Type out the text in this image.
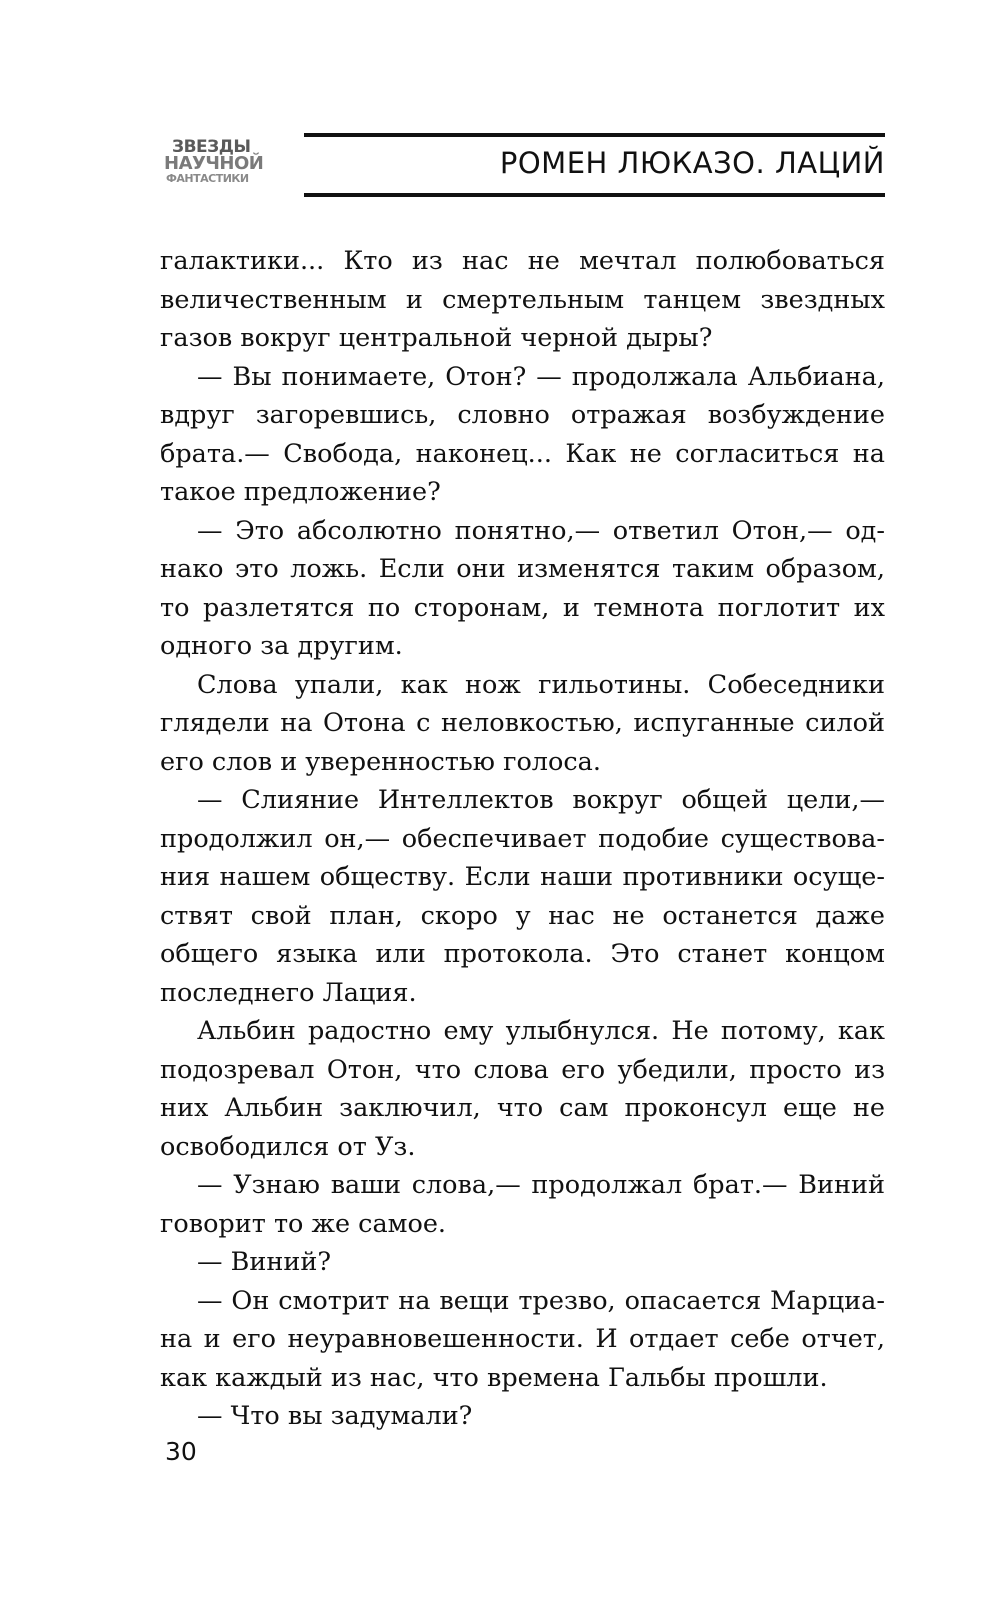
ЗВЕЗДЫ
НАУЧНОЙ
ФАНТАСТИКИ	РОМЕН ЛЮКАЗО. ЛАЦИЙ

галактики... Кто из нас не мечтал полюбоваться величественным и смертельным танцем звездных газов вокруг центральной черной дыры?

— Вы понимаете, Отон? — продолжала Альбиана, вдруг загоревшись, словно отражая возбуждение брата.— Свобода, наконец... Как не согласиться на такое предложение?

— Это абсолютно понятно,— ответил Отон,— однако это ложь. Если они изменятся таким образом, то разлетятся по сторонам, и темнота поглотит их одного за другим.

Слова упали, как нож гильотины. Собеседники глядели на Отона с неловкостью, испуганные силой его слов и уверенностью голоса.

— Слияние Интеллектов вокруг общей цели,— продолжил он,— обеспечивает подобие существования нашем обществу. Если наши противники осуществят свой план, скоро у нас не останется даже общего языка или протокола. Это станет концом последнего Лация.

Альбин радостно ему улыбнулся. Не потому, как подозревал Отон, что слова его убедили, просто из них Альбин заключил, что сам проконсул еще не освободился от Уз.

— Узнаю ваши слова,— продолжал брат.— Виний говорит то же самое.

— Виний?

— Он смотрит на вещи трезво, опасается Марциана и его неуравновешенности. И отдает себе отчет, как каждый из нас, что времена Гальбы прошли.

— Что вы задумали?

30
